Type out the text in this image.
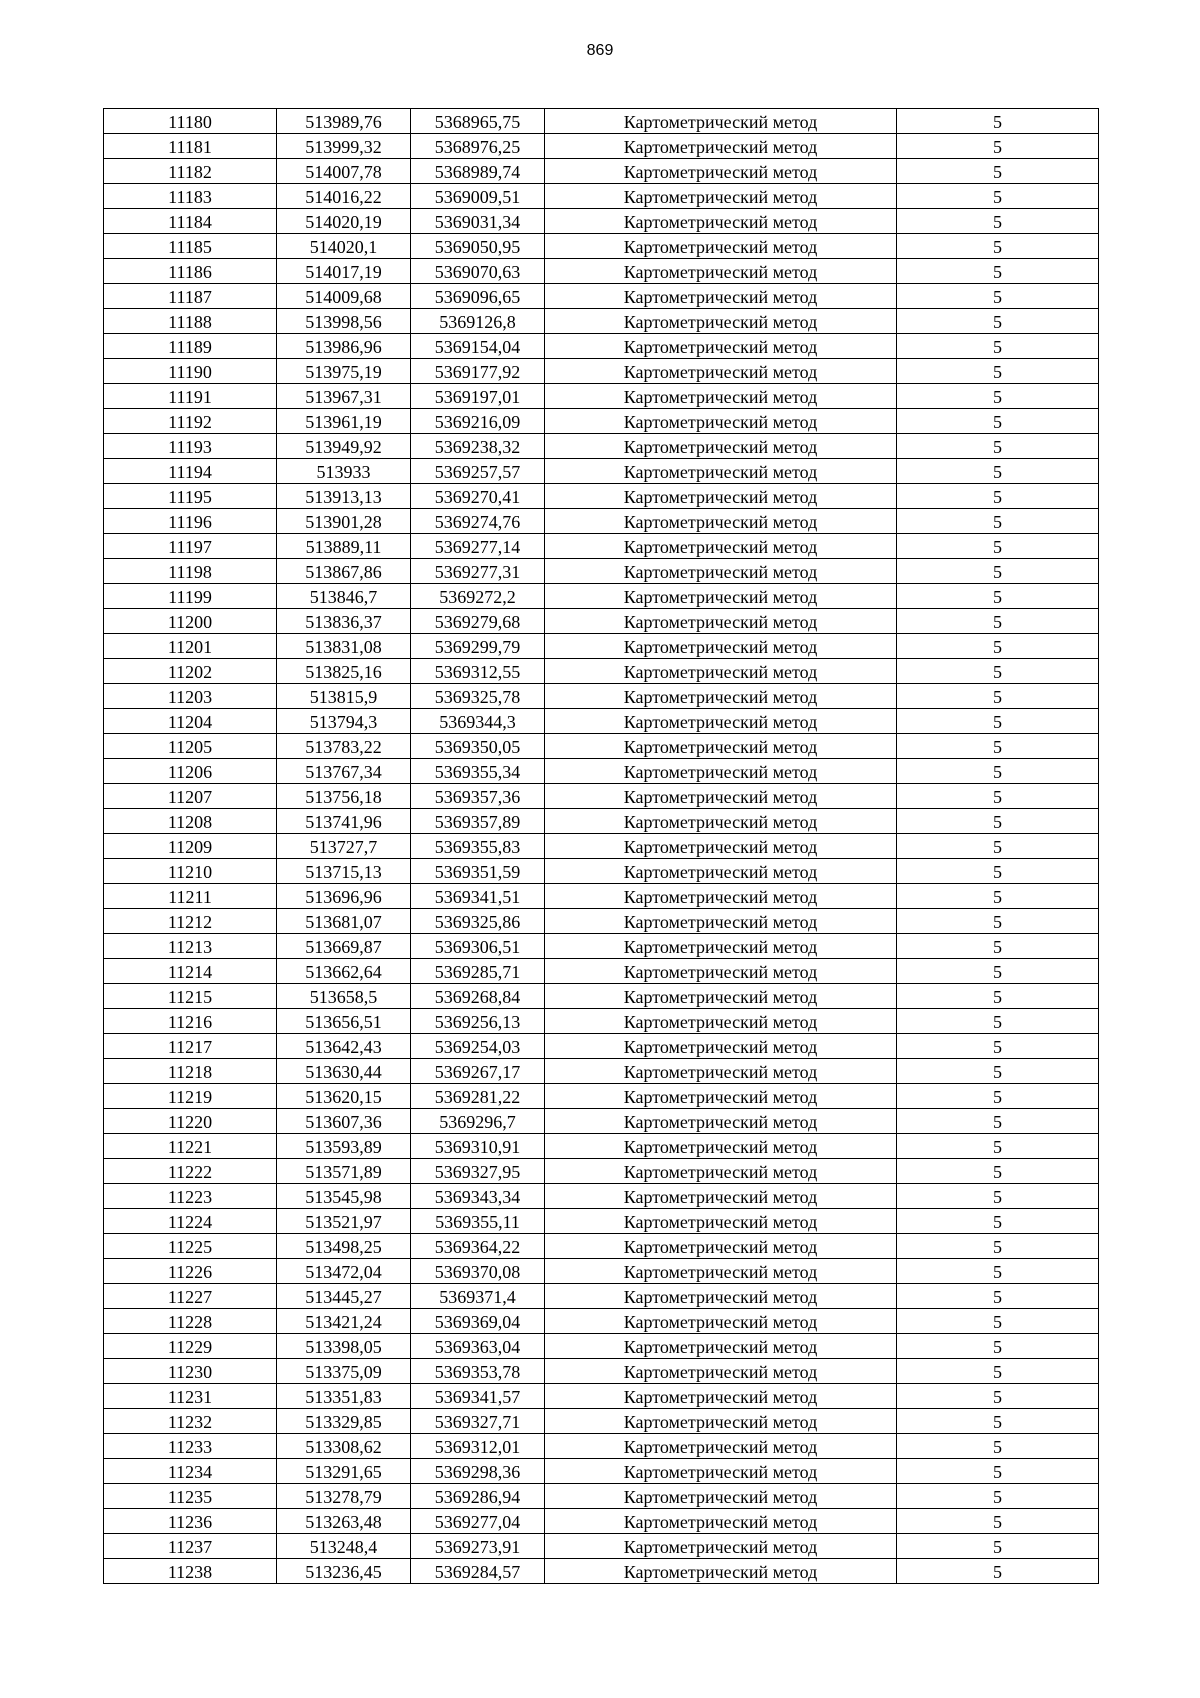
869
11180	513989,76	5368965,75	Картометрический метод	5
11181	513999,32	5368976,25	Картометрический метод	5
11182	514007,78	5368989,74	Картометрический метод	5
11183	514016,22	5369009,51	Картометрический метод	5
11184	514020,19	5369031,34	Картометрический метод	5
11185	514020,1	5369050,95	Картометрический метод	5
11186	514017,19	5369070,63	Картометрический метод	5
11187	514009,68	5369096,65	Картометрический метод	5
11188	513998,56	5369126,8	Картометрический метод	5
11189	513986,96	5369154,04	Картометрический метод	5
11190	513975,19	5369177,92	Картометрический метод	5
11191	513967,31	5369197,01	Картометрический метод	5
11192	513961,19	5369216,09	Картометрический метод	5
11193	513949,92	5369238,32	Картометрический метод	5
11194	513933	5369257,57	Картометрический метод	5
11195	513913,13	5369270,41	Картометрический метод	5
11196	513901,28	5369274,76	Картометрический метод	5
11197	513889,11	5369277,14	Картометрический метод	5
11198	513867,86	5369277,31	Картометрический метод	5
11199	513846,7	5369272,2	Картометрический метод	5
11200	513836,37	5369279,68	Картометрический метод	5
11201	513831,08	5369299,79	Картометрический метод	5
11202	513825,16	5369312,55	Картометрический метод	5
11203	513815,9	5369325,78	Картометрический метод	5
11204	513794,3	5369344,3	Картометрический метод	5
11205	513783,22	5369350,05	Картометрический метод	5
11206	513767,34	5369355,34	Картометрический метод	5
11207	513756,18	5369357,36	Картометрический метод	5
11208	513741,96	5369357,89	Картометрический метод	5
11209	513727,7	5369355,83	Картометрический метод	5
11210	513715,13	5369351,59	Картометрический метод	5
11211	513696,96	5369341,51	Картометрический метод	5
11212	513681,07	5369325,86	Картометрический метод	5
11213	513669,87	5369306,51	Картометрический метод	5
11214	513662,64	5369285,71	Картометрический метод	5
11215	513658,5	5369268,84	Картометрический метод	5
11216	513656,51	5369256,13	Картометрический метод	5
11217	513642,43	5369254,03	Картометрический метод	5
11218	513630,44	5369267,17	Картометрический метод	5
11219	513620,15	5369281,22	Картометрический метод	5
11220	513607,36	5369296,7	Картометрический метод	5
11221	513593,89	5369310,91	Картометрический метод	5
11222	513571,89	5369327,95	Картометрический метод	5
11223	513545,98	5369343,34	Картометрический метод	5
11224	513521,97	5369355,11	Картометрический метод	5
11225	513498,25	5369364,22	Картометрический метод	5
11226	513472,04	5369370,08	Картометрический метод	5
11227	513445,27	5369371,4	Картометрический метод	5
11228	513421,24	5369369,04	Картометрический метод	5
11229	513398,05	5369363,04	Картометрический метод	5
11230	513375,09	5369353,78	Картометрический метод	5
11231	513351,83	5369341,57	Картометрический метод	5
11232	513329,85	5369327,71	Картометрический метод	5
11233	513308,62	5369312,01	Картометрический метод	5
11234	513291,65	5369298,36	Картометрический метод	5
11235	513278,79	5369286,94	Картометрический метод	5
11236	513263,48	5369277,04	Картометрический метод	5
11237	513248,4	5369273,91	Картометрический метод	5
11238	513236,45	5369284,57	Картометрический метод	5
